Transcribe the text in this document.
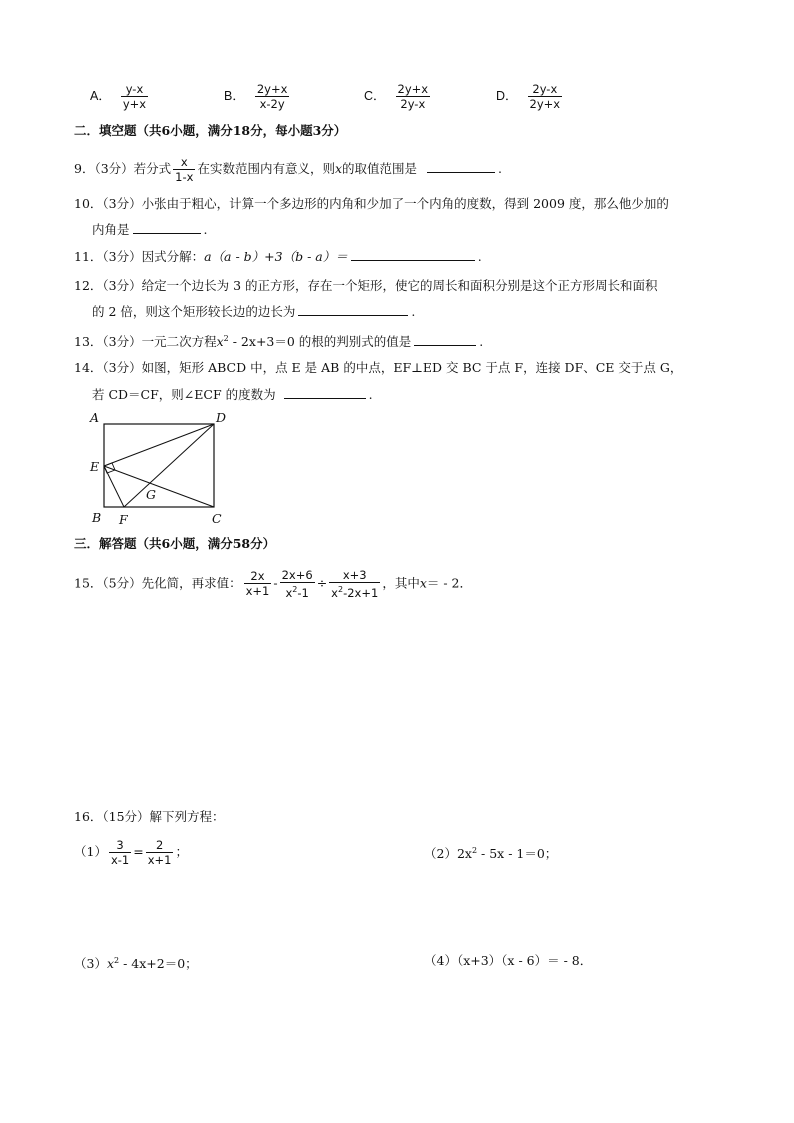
A． $\frac{y-x}{y+x}$	B． $\frac{2y+x}{x-2y}$	C． $\frac{2y+x}{2y-x}$	D． $\frac{2y-x}{2y+x}$
二．填空题（共6小题，满分18分，每小题3分）
9．（3分）若分式 $\frac{x}{1-x}$ 在实数范围内有意义，则x的取值范围是	.
10．（3分）小张由于粗心，计算一个多边形的内角和少加了一个内角的度数，得到 2009 度，那么他少加的
内角是	.
11．（3分）因式分解：a（a - b）+3（b - a）＝	.
12．（3分）给定一个边长为 3 的正方形，存在一个矩形，使它的周长和面积分别是这个正方形周长和面积
的 2 倍，则这个矩形较长边的边长为	.
13．（3分）一元二次方程$x^2 - 2x+3=0$ 的根的判别式的值是	.
14．（3分）如图，矩形 ABCD 中，点 E 是 AB 的中点，EF⊥ED 交 BC 于点 F，连接 DF、CE 交于点 G，
若 CD＝CF，则∠ECF 的度数为	.
A	D
E
B F	C
G
三．解答题（共6小题，满分58分）
15．（5分）先化简，再求值： $\frac{2x}{x+1} - \frac{2x+6}{x^2-1} \div \frac{x+3}{x^2-2x+1}$ ，其中x＝ - 2．
16．（15分）解下列方程：
$(1) \frac{3}{x-1} = \frac{2}{x+1}$ ；	$(2)2x^2 - 5x - 1=0$；
$(3)x^2 - 4x+2=0$；	（4）（x+3）（x - 6）＝ - 8．
